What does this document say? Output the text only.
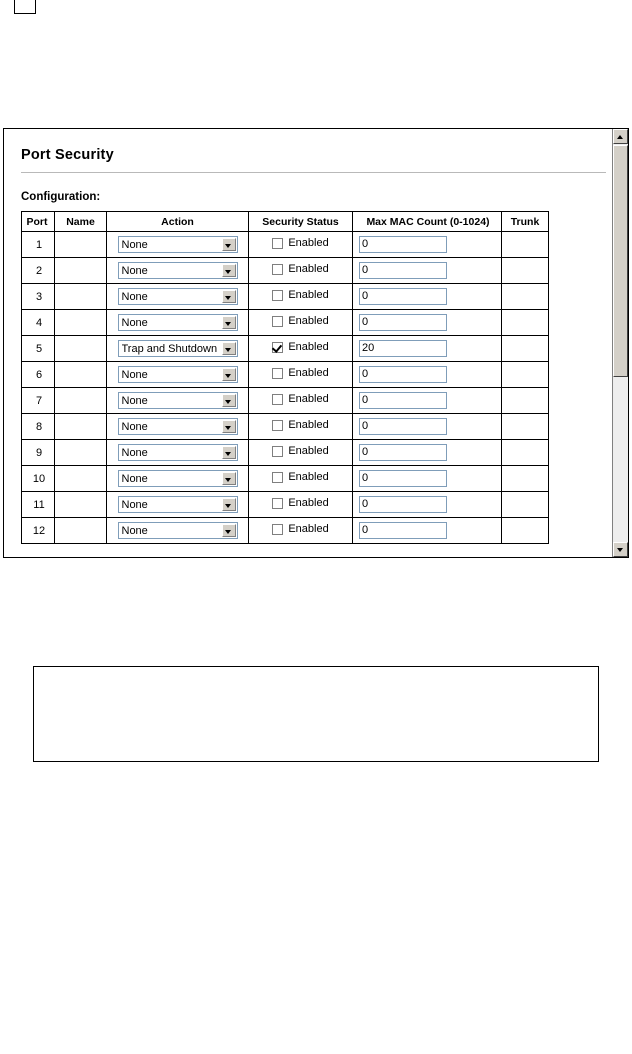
Port Security
Configuration:
Port	Name	Action	Security Status	Max MAC Count (0-1024)	Trunk
1		None	Enabled	0	
2		None	Enabled	0	
3		None	Enabled	0	
4		None	Enabled	0	
5		Trap and Shutdown	Enabled	20	
6		None	Enabled	0	
7		None	Enabled	0	
8		None	Enabled	0	
9		None	Enabled	0	
10		None	Enabled	0	
11		None	Enabled	0	
12		None	Enabled	0	
